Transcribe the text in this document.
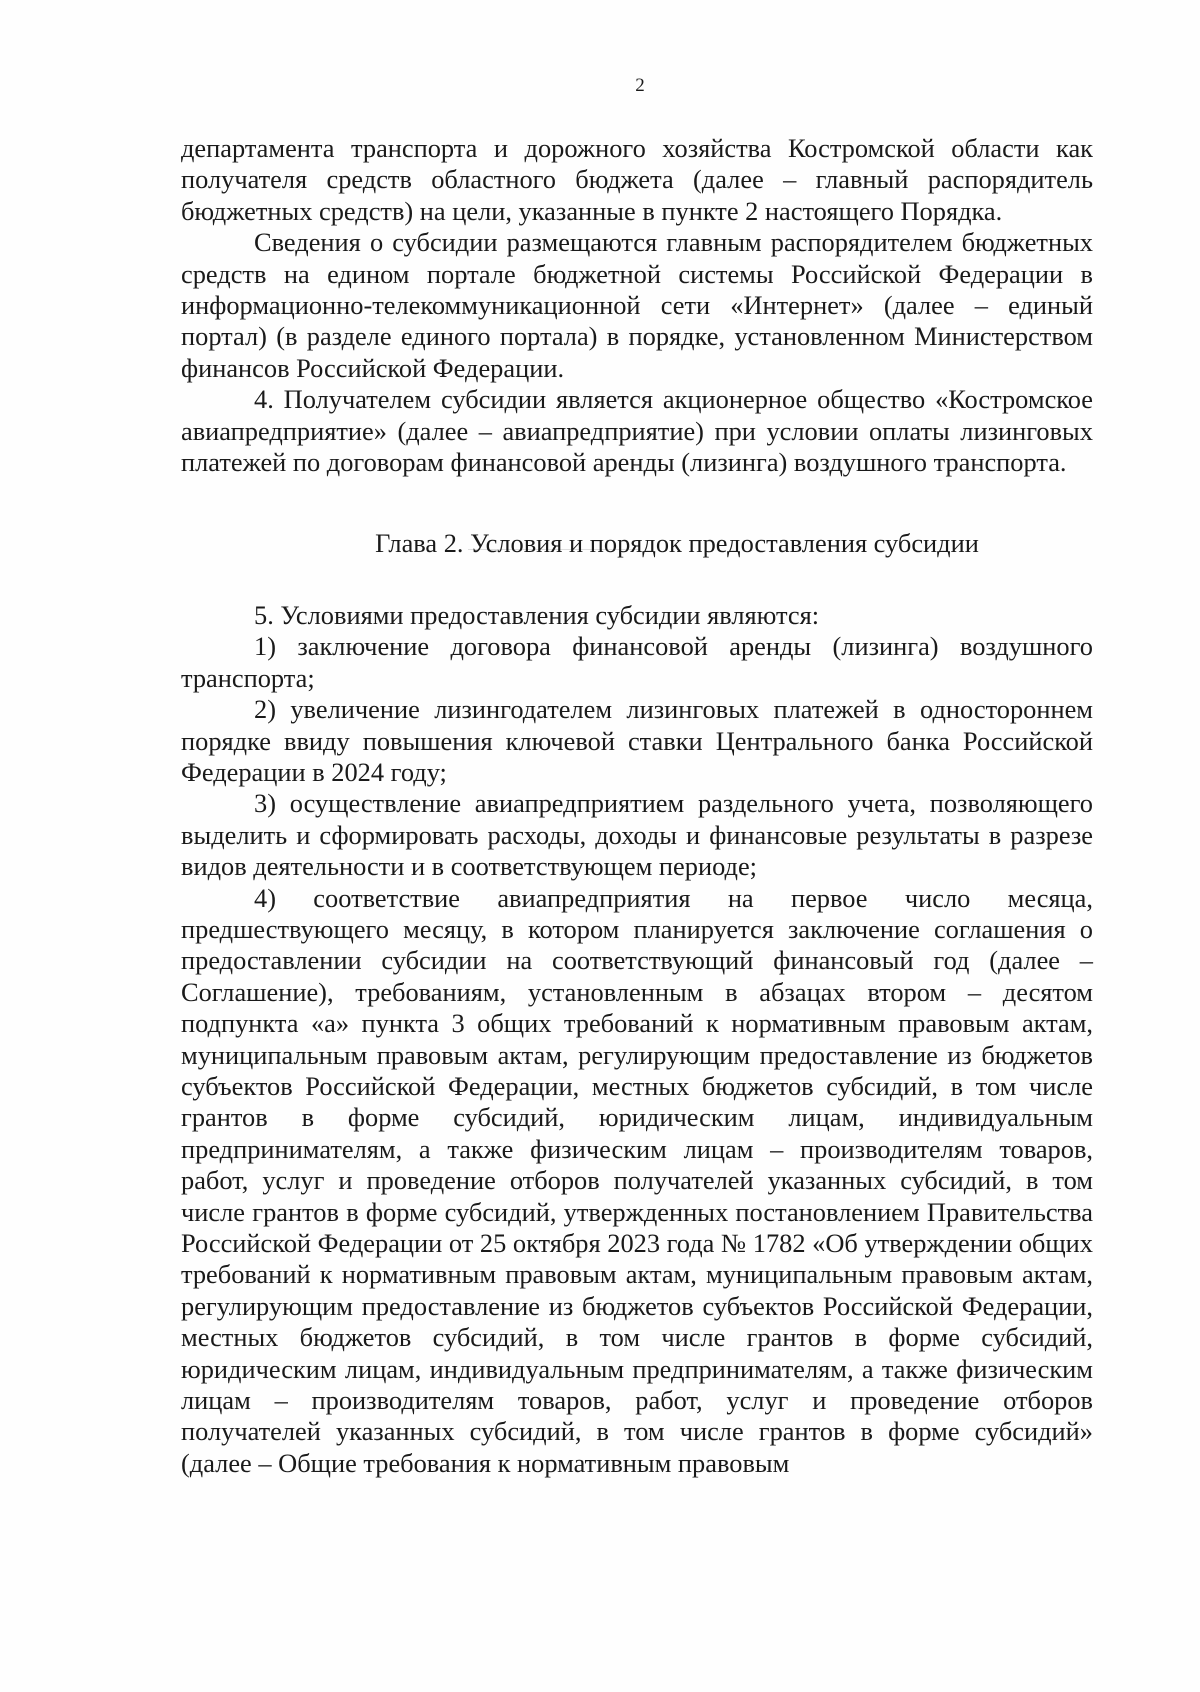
2

департамента транспорта и дорожного хозяйства Костромской области как получателя средств областного бюджета (далее – главный распорядитель бюджетных средств) на цели, указанные в пункте 2 настоящего Порядка.

Сведения о субсидии размещаются главным распорядителем бюджетных средств на едином портале бюджетной системы Российской Федерации в информационно-телекоммуникационной сети «Интернет» (далее – единый портал) (в разделе единого портала) в порядке, установленном Министерством финансов Российской Федерации.

4. Получателем субсидии является акционерное общество «Костромское авиапредприятие» (далее – авиапредприятие) при условии оплаты лизинговых платежей по договорам финансовой аренды (лизинга) воздушного транспорта.

Глава 2. Условия и порядок предоставления субсидии

5. Условиями предоставления субсидии являются:

1) заключение договора финансовой аренды (лизинга) воздушного транспорта;

2) увеличение лизингодателем лизинговых платежей в одностороннем порядке ввиду повышения ключевой ставки Центрального банка Российской Федерации в 2024 году;

3) осуществление авиапредприятием раздельного учета, позволяющего выделить и сформировать расходы, доходы и финансовые результаты в разрезе видов деятельности и в соответствующем периоде;

4) соответствие авиапредприятия на первое число месяца, предшествующего месяцу, в котором планируется заключение соглашения о предоставлении субсидии на соответствующий финансовый год (далее – Соглашение), требованиям, установленным в абзацах втором – десятом подпункта «а» пункта 3 общих требований к нормативным правовым актам, муниципальным правовым актам, регулирующим предоставление из бюджетов субъектов Российской Федерации, местных бюджетов субсидий, в том числе грантов в форме субсидий, юридическим лицам, индивидуальным предпринимателям, а также физическим лицам – производителям товаров, работ, услуг и проведение отборов получателей указанных субсидий, в том числе грантов в форме субсидий, утвержденных постановлением Правительства Российской Федерации от 25 октября 2023 года № 1782 «Об утверждении общих требований к нормативным правовым актам, муниципальным правовым актам, регулирующим предоставление из бюджетов субъектов Российской Федерации, местных бюджетов субсидий, в том числе грантов в форме субсидий, юридическим лицам, индивидуальным предпринимателям, а также физическим лицам – производителям товаров, работ, услуг и проведение отборов получателей указанных субсидий, в том числе грантов в форме субсидий» (далее – Общие требования к нормативным правовым
